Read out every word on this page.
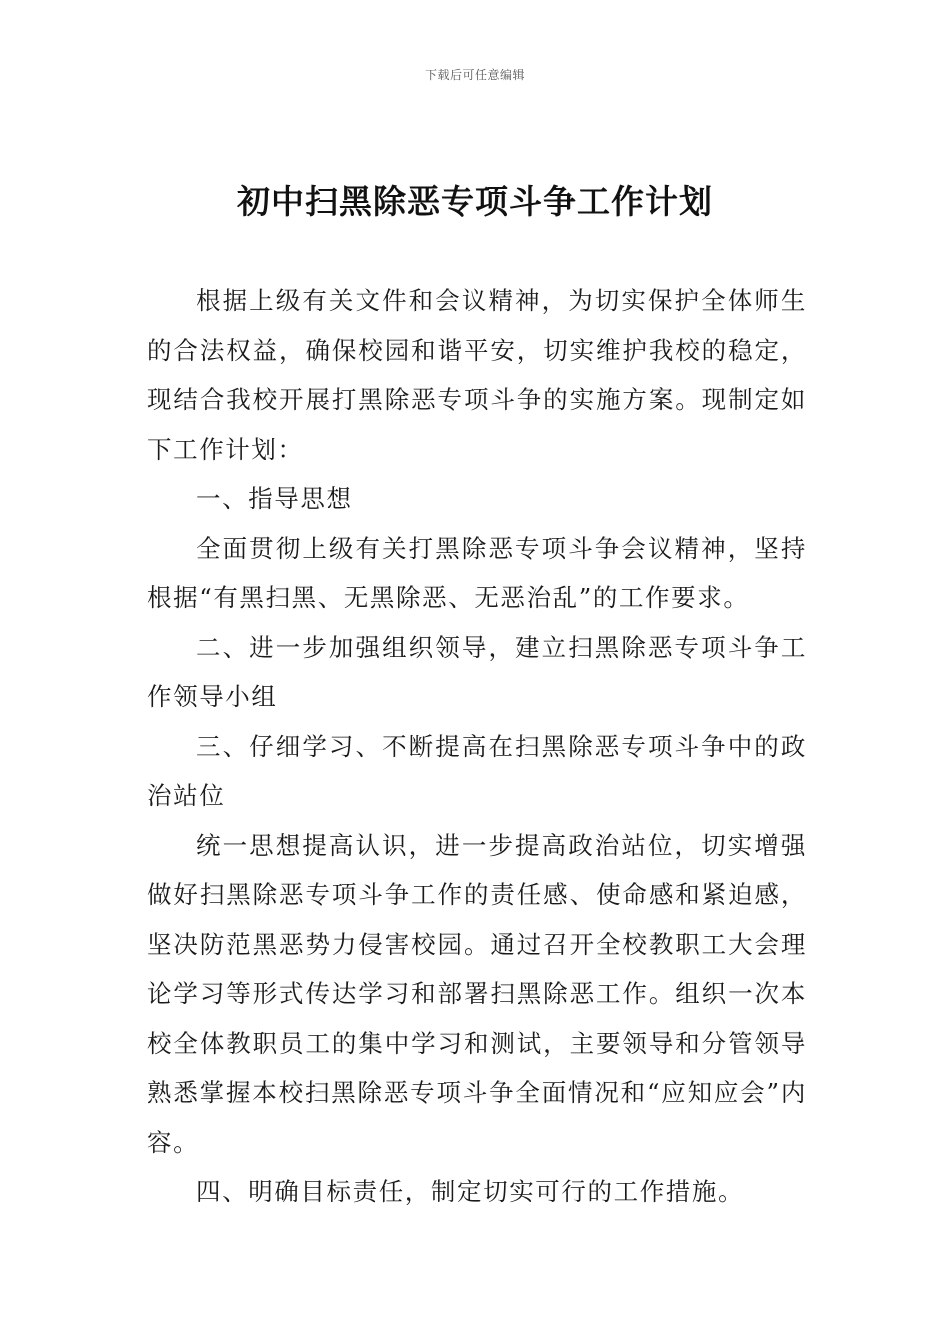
下载后可任意编辑
初中扫黑除恶专项斗争工作计划

根据上级有关文件和会议精神，为切实保护全体师生的合法权益，确保校园和谐平安，切实维护我校的稳定，现结合我校开展打黑除恶专项斗争的实施方案。现制定如下工作计划：

一、指导思想

全面贯彻上级有关打黑除恶专项斗争会议精神，坚持根据“有黑扫黑、无黑除恶、无恶治乱”的工作要求。

二、进一步加强组织领导，建立扫黑除恶专项斗争工作领导小组

三、仔细学习、不断提高在扫黑除恶专项斗争中的政治站位

统一思想提高认识，进一步提高政治站位，切实增强做好扫黑除恶专项斗争工作的责任感、使命感和紧迫感，坚决防范黑恶势力侵害校园。通过召开全校教职工大会理论学习等形式传达学习和部署扫黑除恶工作。组织一次本校全体教职员工的集中学习和测试，主要领导和分管领导熟悉掌握本校扫黑除恶专项斗争全面情况和“应知应会”内容。

四、明确目标责任，制定切实可行的工作措施。
